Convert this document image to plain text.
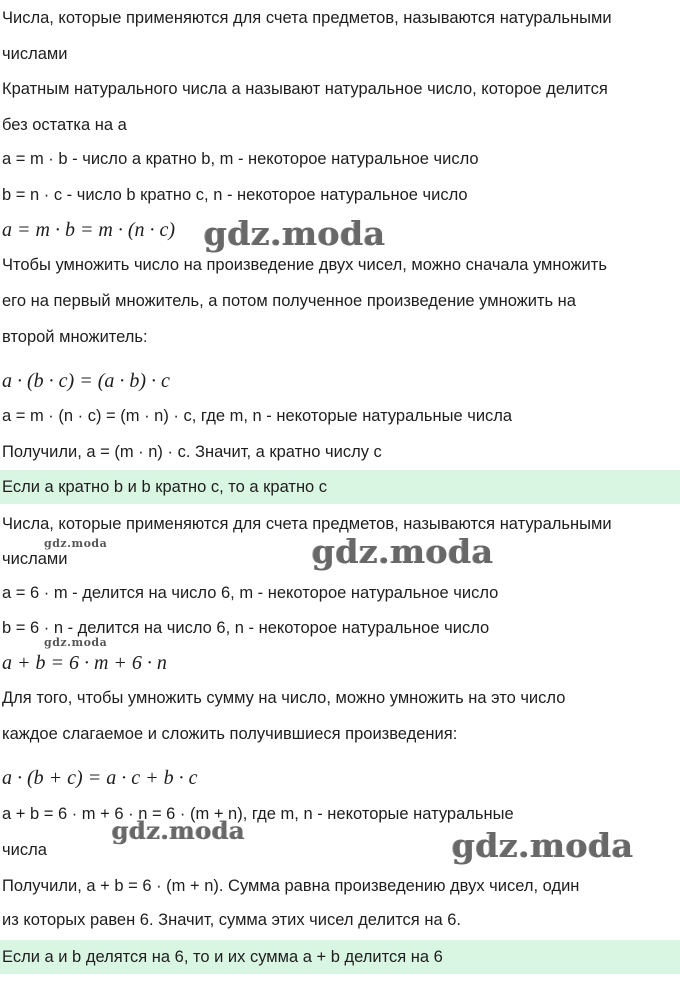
Числа, которые применяются для счета предметов, называются натуральными
числами
Кратным натурального числа a называют натуральное число, которое делится
без остатка на a
a = m · b - число a кратно b, m - некоторое натуральное число
b = n · c - число b кратно c, n - некоторое натуральное число
a = m · b = m · (n · c)
Чтобы умножить число на произведение двух чисел, можно сначала умножить
его на первый множитель, а потом полученное произведение умножить на
второй множитель:
a · (b · c) = (a · b) · c
a = m · (n · c) = (m · n) · c, где m, n - некоторые натуральные числа
Получили, a = (m · n) · c. Значит, a кратно числу c
Если a кратно b и b кратно c, то a кратно c
Числа, которые применяются для счета предметов, называются натуральными
числами
a = 6 · m - делится на число 6, m - некоторое натуральное число
b = 6 · n - делится на число 6, n - некоторое натуральное число
a + b = 6 · m + 6 · n
Для того, чтобы умножить сумму на число, можно умножить на это число
каждое слагаемое и сложить получившиеся произведения:
a · (b + c) = a · c + b · c
a + b = 6 · m + 6 · n = 6 · (m + n), где m, n - некоторые натуральные
числа
Получили, a + b = 6 · (m + n). Сумма равна произведению двух чисел, один
из которых равен 6. Значит, сумма этих чисел делится на 6.
Если a и b делятся на 6, то и их сумма a + b делится на 6
gdz.moda
gdz.moda	gdz.moda
gdz.moda
gdz.moda	gdz.moda
